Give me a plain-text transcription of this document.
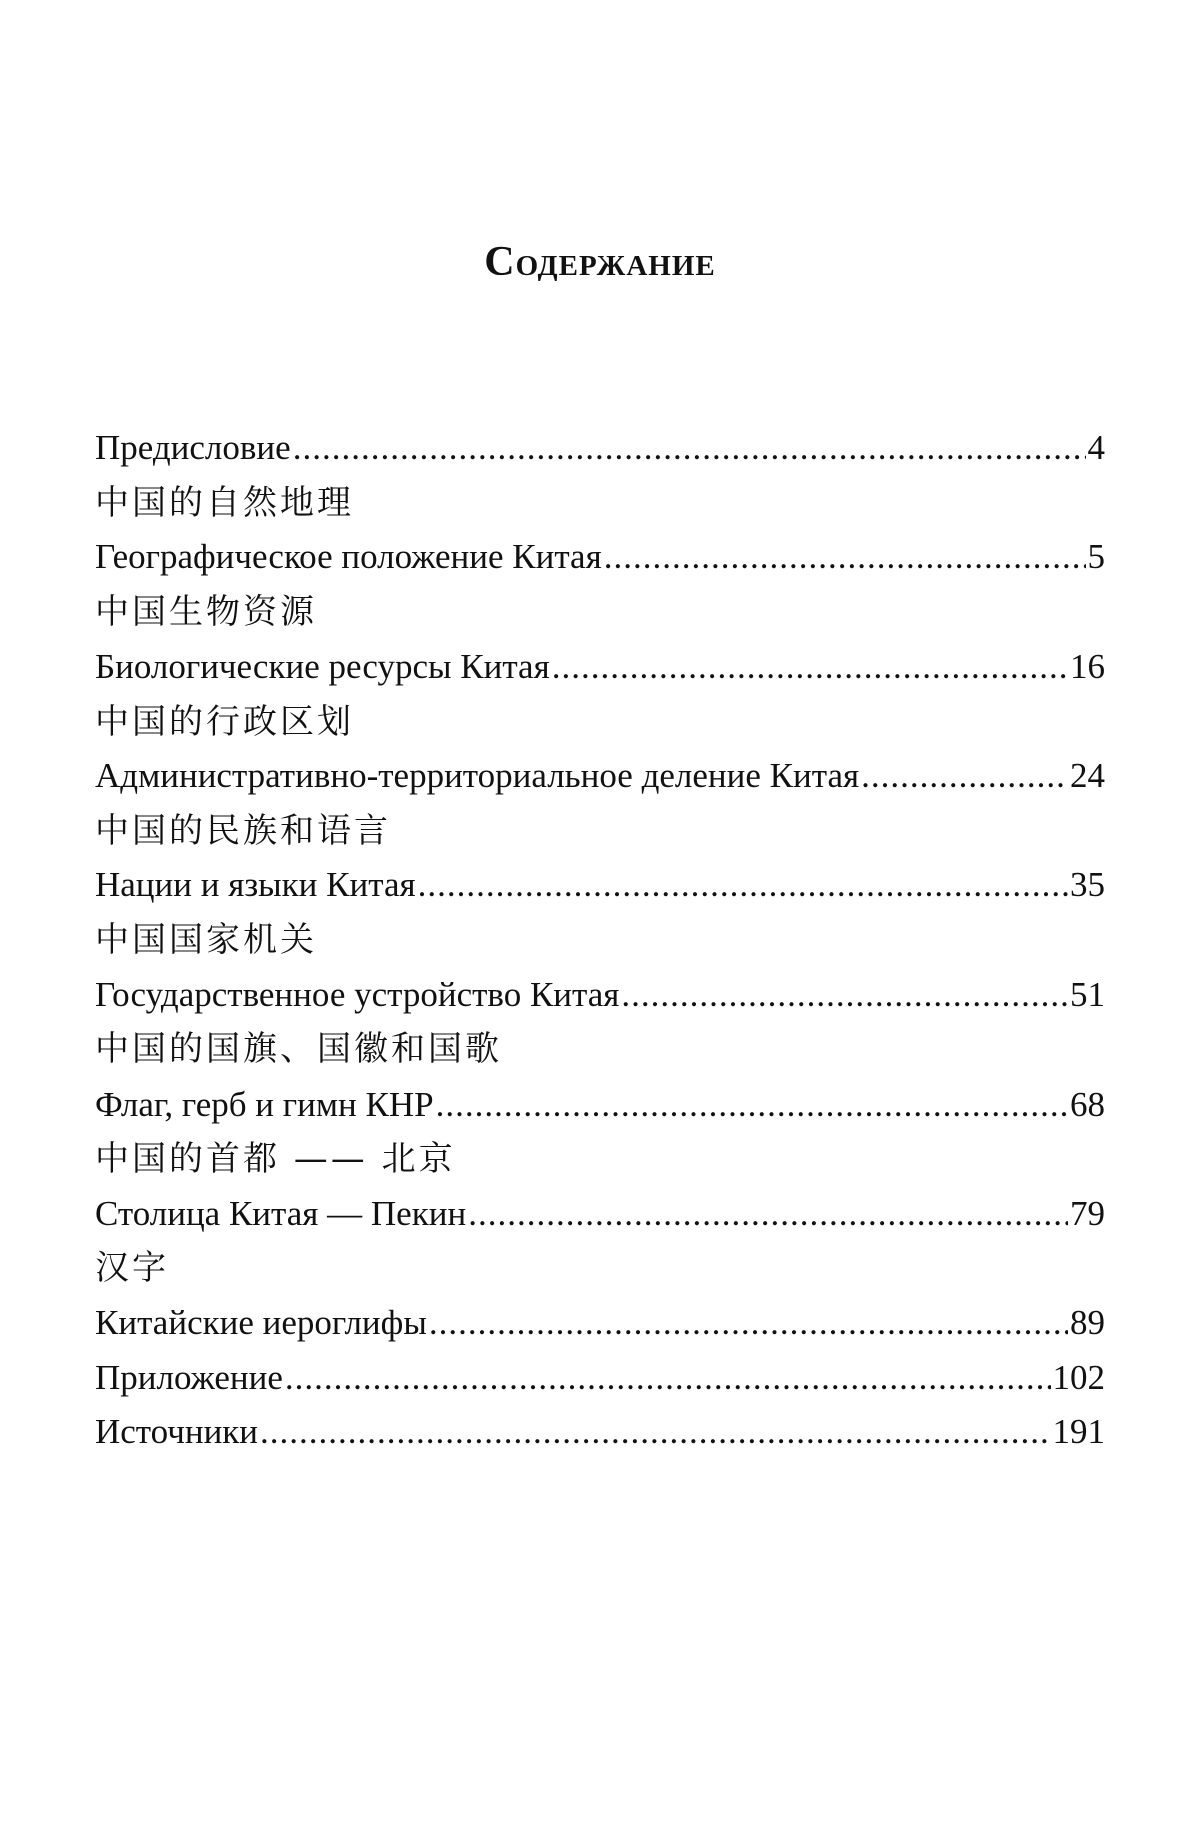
Содержание
Предисловие .....	4
中国的自然地理
Географическое положение Китая .....	5
中国生物资源
Биологические ресурсы Китая .....	16
中国的行政区划
Административно-территориальное деление Китая .....	24
中国的民族和语言
Нации и языки Китая .....	35
中国国家机关
Государственное устройство Китая .....	51
中国的国旗、国徽和国歌
Флаг, герб и гимн КНР .....	68
中国的首都 —— 北京
Столица Китая — Пекин .....	79
汉字
Китайские иероглифы .....	89
Приложение .....	102
Источники .....	191
